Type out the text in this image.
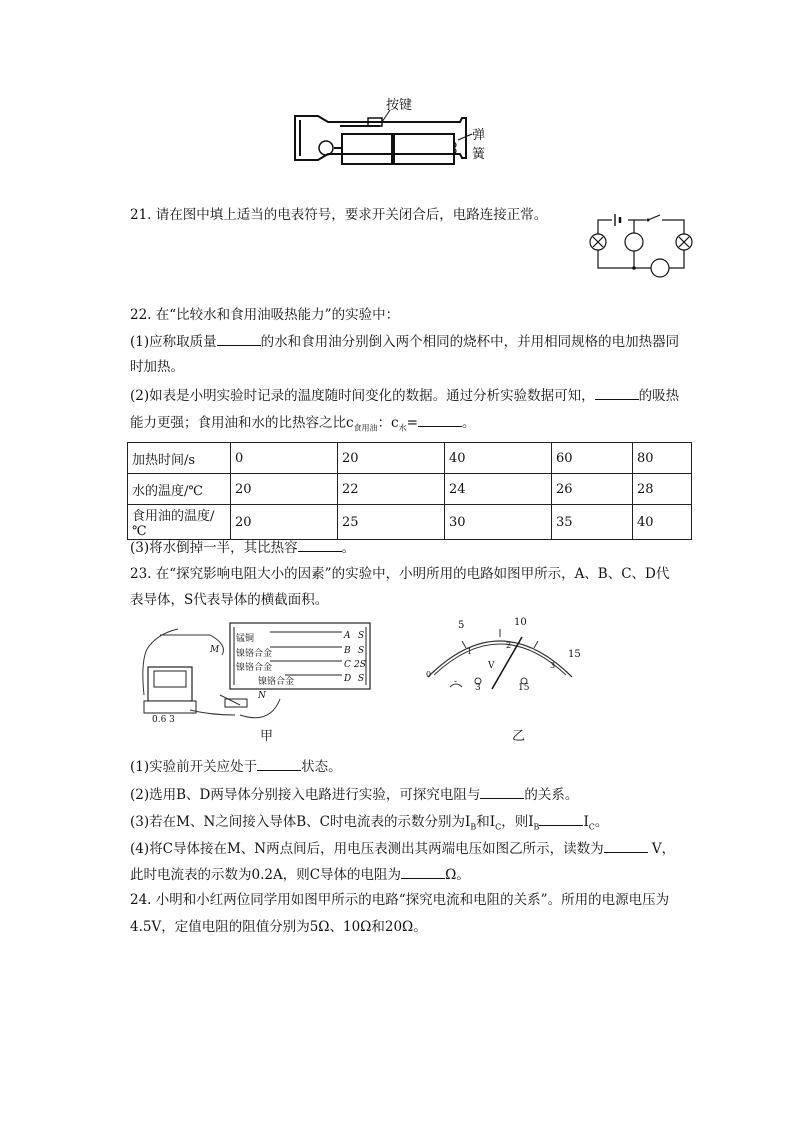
按键
弹簧
21. 请在图中填上适当的电表符号，要求开关闭合后，电路连接正常。
22. 在“比较水和食用油吸热能力”的实验中：
(1)应称取质量	的水和食用油分别倒入两个相同的烧杯中，并用相同规格的电加热器同
时加热。
(2)如表是小明实验时记录的温度随时间变化的数据。通过分析实验数据可知，	的吸热
能力更强；食用油和水的比热容之比$c_{食用油}$：$c_水=$	。
加热时间/s	0	20	40	60	80
水的温度/℃	20	22	24	26	28
食用油的温度/℃	20	25	30	35	40
(3)将水倒掉一半，其比热容	。
23. 在“探究影响电阻大小的因素”的实验中，小明所用的电路如图甲所示，A、B、C、D代
表导体，S代表导体的横截面积。
锰铜
镍铬合金
镍铬合金
镍铬合金
A
B
C
D
S
S
2S
S
M
N
0.6 3
甲
5	10
15
0
1
2
3
V
-
3	15
乙
(1)实验前开关应处于	状态。
(2)选用B、D两导体分别接入电路进行实验，可探究电阻与	的关系。
(3)若在M、N之间接入导体B、C时电流表的示数分别为$I_B$和$I_C$，则$I_B$	$I_C$。
(4)将C导体接在M、N两点间后，用电压表测出其两端电压如图乙所示，读数为	V，
此时电流表的示数为0.2A，则C导体的电阻为	Ω。
24. 小明和小红两位同学用如图甲所示的电路“探究电流和电阻的关系”。所用的电源电压为
4.5V，定值电阻的阻值分别为5Ω、10Ω和20Ω。
